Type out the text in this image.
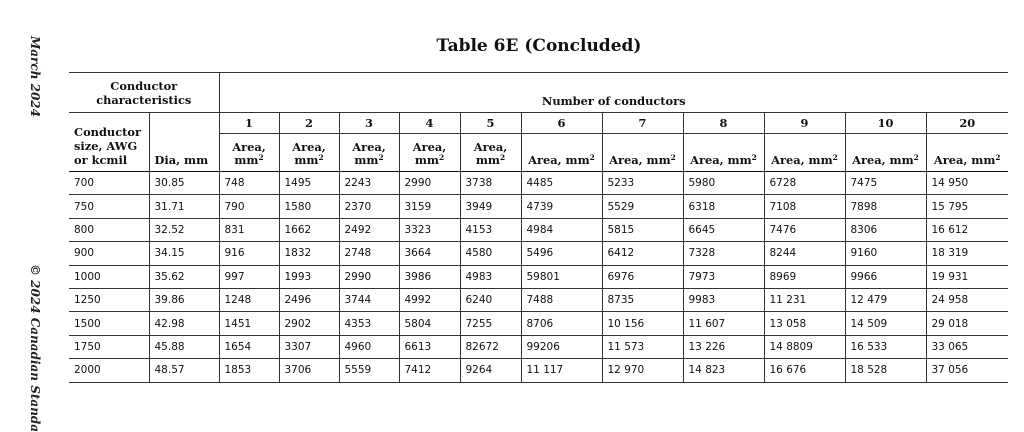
March 2024
© 2024 Canadian Standa
Table 6E (Concluded)
Conductor characteristics		Number of conductors										
Conductor size, AWG or kcmil	Dia, mm	1	2	3	4	5	6	7	8	9	10	20
		Area, $mm^2$	Area, $mm^2$	Area, $mm^2$	Area, $mm^2$	Area, $mm^2$	Area, $mm^2$	Area, $mm^2$	Area, $mm^2$	Area, $mm^2$	Area, $mm^2$	Area, $mm^2$
700	30.85	748	1495	2243	2990	3738	4485	5233	5980	6728	7475	14 950
750	31.71	790	1580	2370	3159	3949	4739	5529	6318	7108	7898	15 795
800	32.52	831	1662	2492	3323	4153	4984	5815	6645	7476	8306	16 612
900	34.15	916	1832	2748	3664	4580	5496	6412	7328	8244	9160	18 319
1000	35.62	997	1993	2990	3986	4983	59801	6976	7973	8969	9966	19 931
1250	39.86	1248	2496	3744	4992	6240	7488	8735	9983	11 231	12 479	24 958
1500	42.98	1451	2902	4353	5804	7255	8706	10 156	11 607	13 058	14 509	29 018
1750	45.88	1654	3307	4960	6613	82672	99206	11 573	13 226	14 8809	16 533	33 065
2000	48.57	1853	3706	5559	7412	9264	11 117	12 970	14 823	16 676	18 528	37 056
